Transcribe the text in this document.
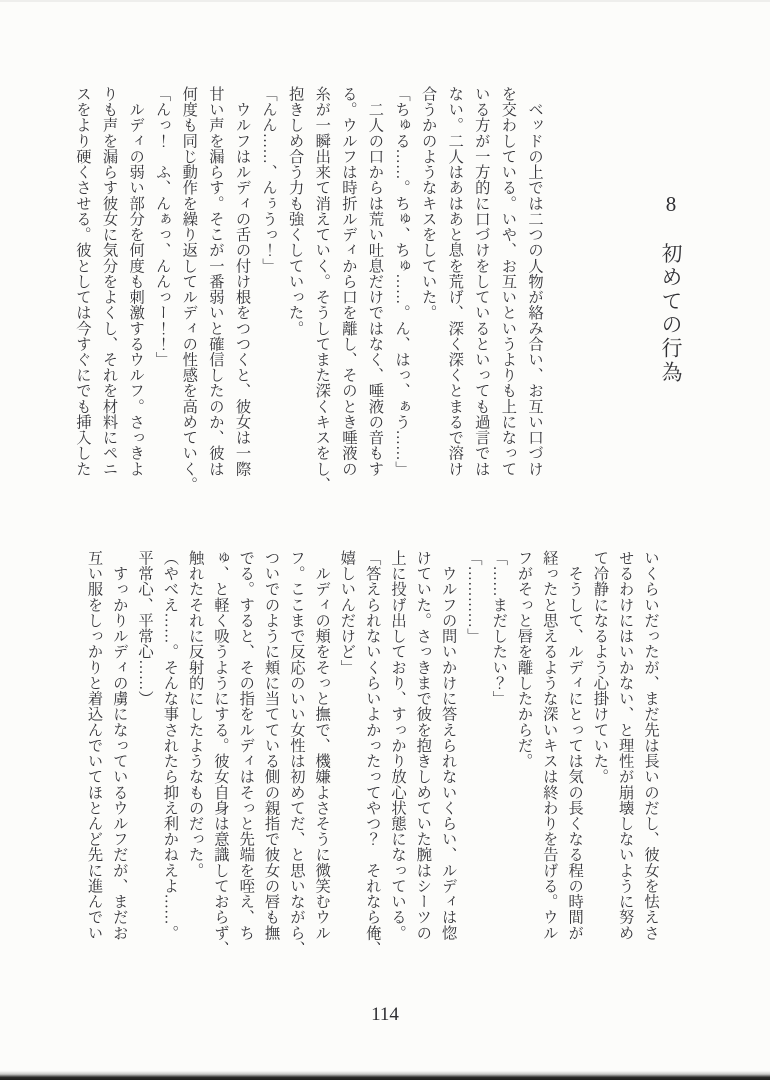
8　初めての行為
　ベッドの上では二つの人物が絡み合い、お互い口づけ
を交わしている。いや、お互いというよりも上になって
いる方が一方的に口づけをしているといっても過言では
ない。二人はあはあと息を荒げ、深く深くとまるで溶け
合うかのようなキスをしていた。
「ちゅる……。ちゅ、ちゅ……。ん、はっ、ぁう……」
　二人の口からは荒い吐息だけではなく、唾液の音もす
る。ウルフは時折ルディから口を離し、そのとき唾液の
糸が一瞬出来て消えていく。そうしてまた深くキスをし、
抱きしめ合う力も強くしていった。
「んん……、んぅうっ！」
　ウルフはルディの舌の付け根をつつくと、彼女は一際
甘い声を漏らす。そこが一番弱いと確信したのか、彼は
何度も同じ動作を繰り返してルディの性感を高めていく。
「んっ！　ふ、んぁっ、んんっー！！」
　ルディの弱い部分を何度も刺激するウルフ。さっきよ
りも声を漏らす彼女に気分をよくし、それを材料にペニ
スをより硬くさせる。彼としては今すぐにでも挿入した
いくらいだったが、まだ先は長いのだし、彼女を怯えさ
せるわけにはいかない、と理性が崩壊しないように努め
て冷静になるよう心掛けていた。
　そうして、ルディにとっては気の長くなる程の時間が
経ったと思えるような深いキスは終わりを告げる。ウル
フがそっと唇を離したからだ。
「……まだしたい？」
「…………」
　ウルフの問いかけに答えられないくらい、ルディは惚
けていた。さっきまで彼を抱きしめていた腕はシーツの
上に投げ出しており、すっかり放心状態になっている。
「答えられないくらいよかったってやつ？　それなら俺、
嬉しいんだけど」
　ルディの頬をそっと撫で、機嫌よさそうに微笑むウル
フ。ここまで反応のいい女性は初めてだ、と思いながら、
ついでのように頬に当てている側の親指で彼女の唇も撫
でる。すると、その指をルディはそっと先端を咥え、ち
ゅ、と軽く吸うようにする。彼女自身は意識しておらず、
触れたそれに反射的にしたようなものだった。
（やべえ……。そんな事されたら抑え利かねえよ……。
平常心、平常心……）
　すっかりルディの虜になっているウルフだが、まだお
互い服をしっかりと着込んでいてほとんど先に進んでい
114
